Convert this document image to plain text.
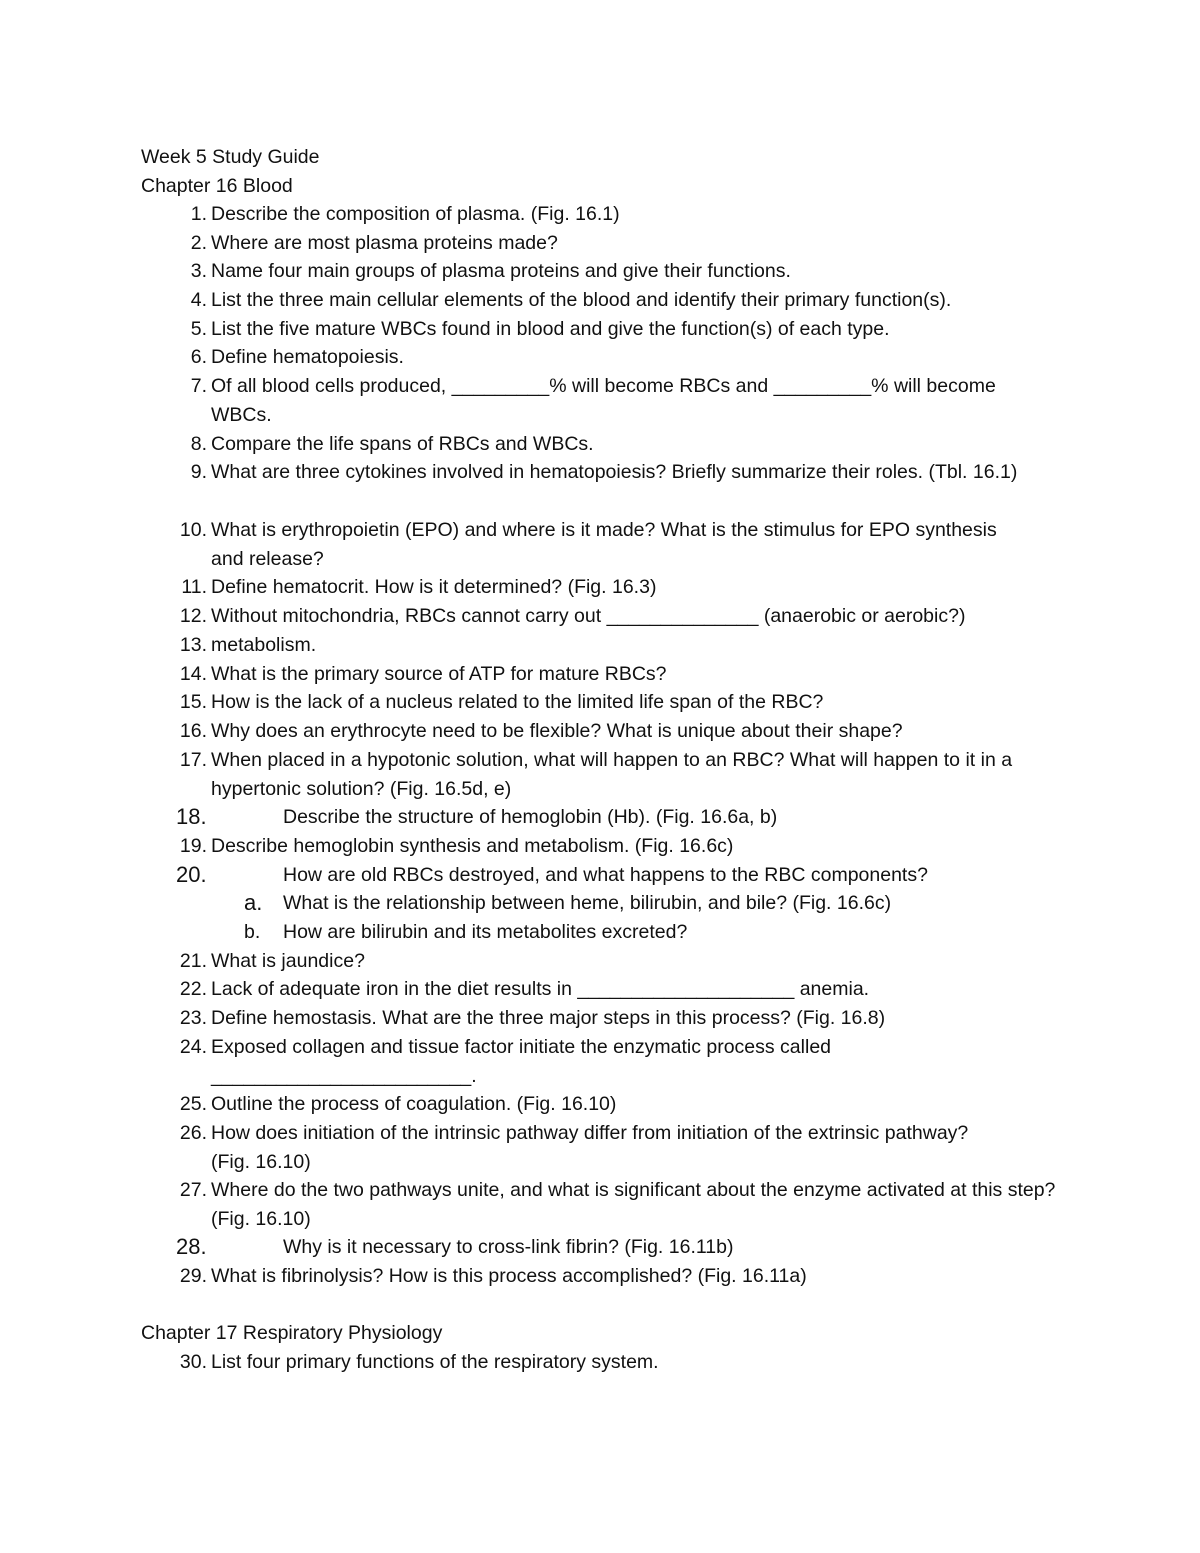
Week 5 Study Guide
Chapter 16 Blood
1. Describe the composition of plasma. (Fig. 16.1)
2. Where are most plasma proteins made?
3. Name four main groups of plasma proteins and give their functions.
4. List the three main cellular elements of the blood and identify their primary function(s).
5. List the five mature WBCs found in blood and give the function(s) of each type.
6. Define hematopoiesis.
7. Of all blood cells produced, _________% will become RBCs and _________% will become WBCs.
8. Compare the life spans of RBCs and WBCs.
9. What are three cytokines involved in hematopoiesis? Briefly summarize their roles. (Tbl. 16.1)
10. What is erythropoietin (EPO) and where is it made? What is the stimulus for EPO synthesis and release?
11. Define hematocrit. How is it determined? (Fig. 16.3)
12. Without mitochondria, RBCs cannot carry out ______________ (anaerobic or aerobic?)
13. metabolism.
14. What is the primary source of ATP for mature RBCs?
15. How is the lack of a nucleus related to the limited life span of the RBC?
16. Why does an erythrocyte need to be flexible? What is unique about their shape?
17. When placed in a hypotonic solution, what will happen to an RBC? What will happen to it in a hypertonic solution? (Fig. 16.5d, e)
18.	Describe the structure of hemoglobin (Hb). (Fig. 16.6a, b)
19. Describe hemoglobin synthesis and metabolism. (Fig. 16.6c)
20.	How are old RBCs destroyed, and what happens to the RBC components?
a. What is the relationship between heme, bilirubin, and bile? (Fig. 16.6c)
b. How are bilirubin and its metabolites excreted?
21. What is jaundice?
22. Lack of adequate iron in the diet results in ____________________ anemia.
23. Define hemostasis. What are the three major steps in this process? (Fig. 16.8)
24. Exposed collagen and tissue factor initiate the enzymatic process called ________________________.
25. Outline the process of coagulation. (Fig. 16.10)
26. How does initiation of the intrinsic pathway differ from initiation of the extrinsic pathway? (Fig. 16.10)
27. Where do the two pathways unite, and what is significant about the enzyme activated at this step? (Fig. 16.10)
28.	Why is it necessary to cross-link fibrin? (Fig. 16.11b)
29. What is fibrinolysis? How is this process accomplished? (Fig. 16.11a)
Chapter 17 Respiratory Physiology
30. List four primary functions of the respiratory system.
